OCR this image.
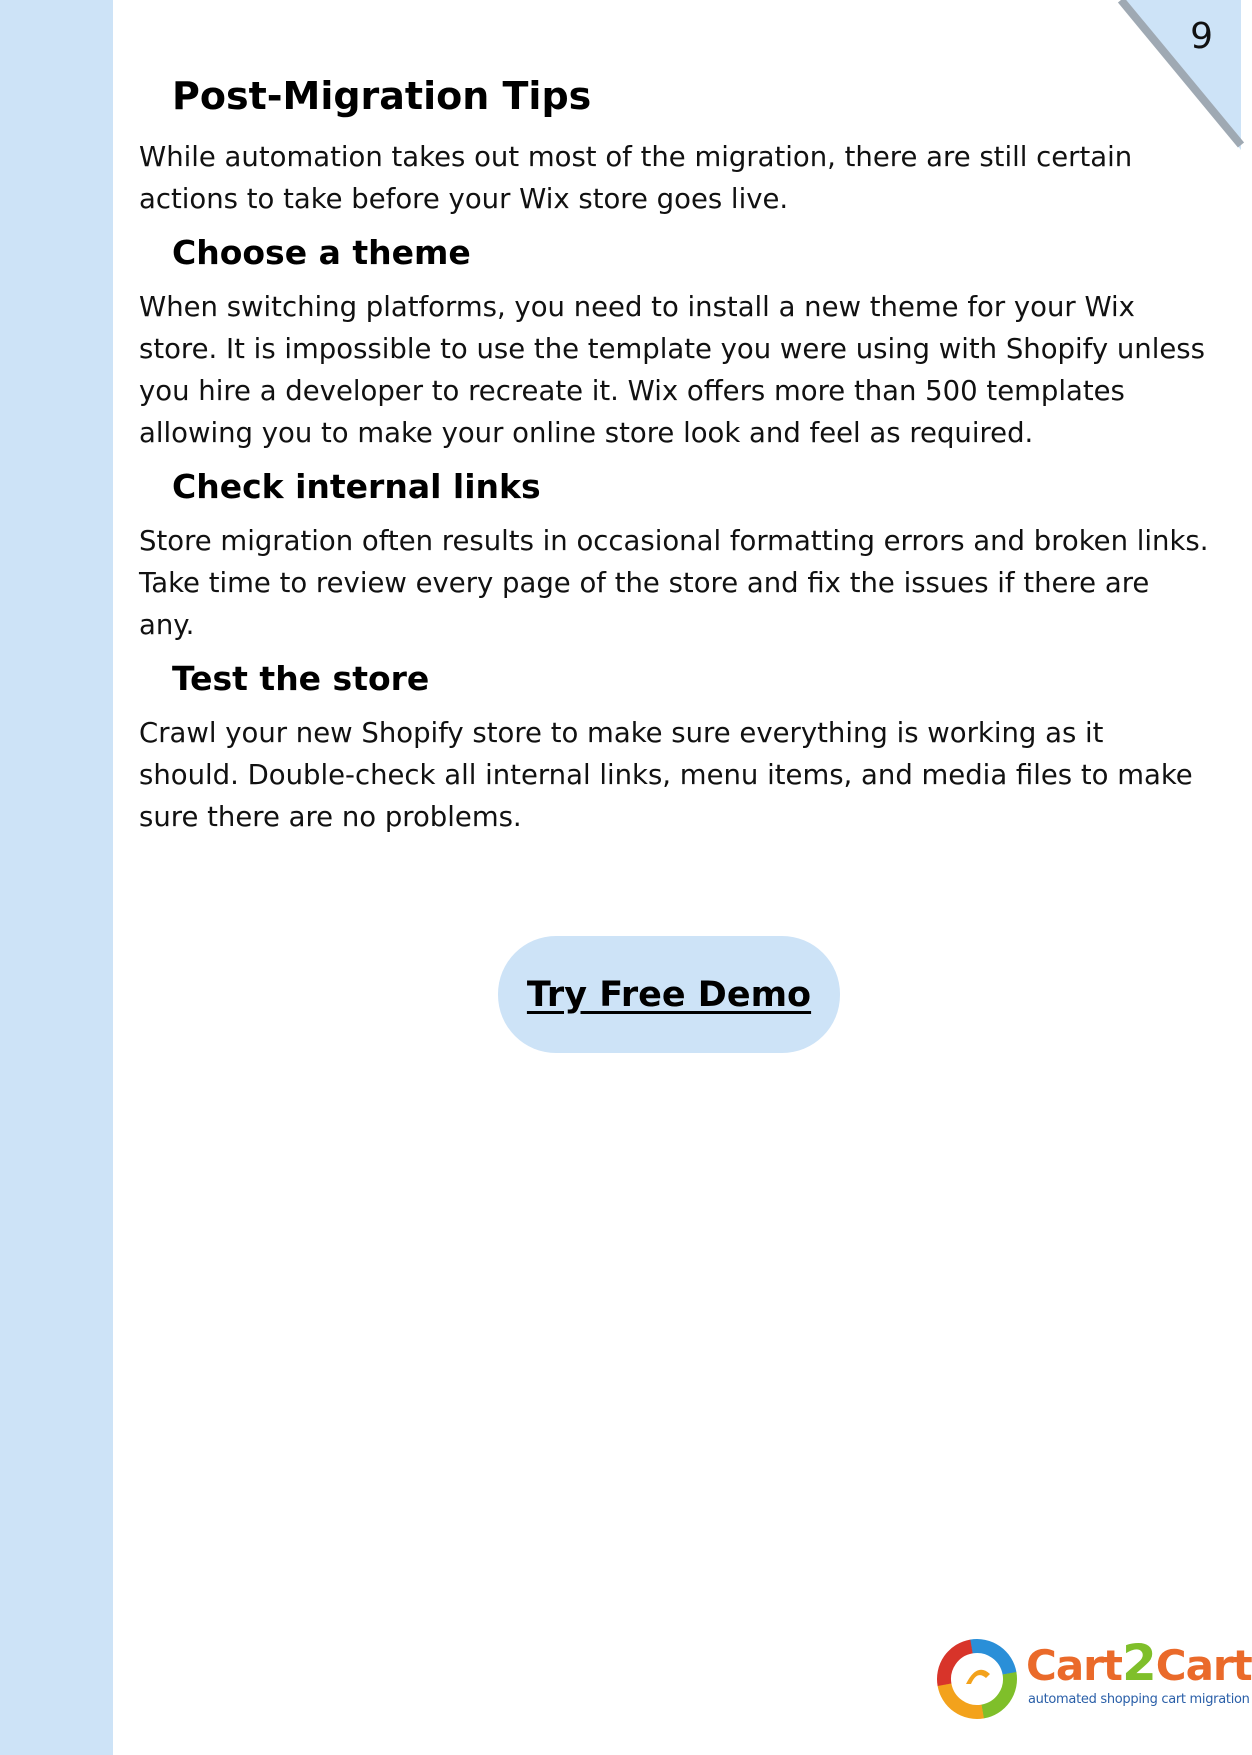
9
Post-Migration Tips

While automation takes out most of the migration, there are still certain actions to take before your Wix store goes live.

Choose a theme

When switching platforms, you need to install a new theme for your Wix store. It is impossible to use the template you were using with Shopify unless you hire a developer to recreate it. Wix offers more than 500 templates allowing you to make your online store look and feel as required.

Check internal links

Store migration often results in occasional formatting errors and broken links. Take time to review every page of the store and fix the issues if there are any.

Test the store

Crawl your new Shopify store to make sure everything is working as it should. Double-check all internal links, menu items, and media files to make sure there are no problems.

Try Free Demo
Cart2Cart
automated shopping cart migration
